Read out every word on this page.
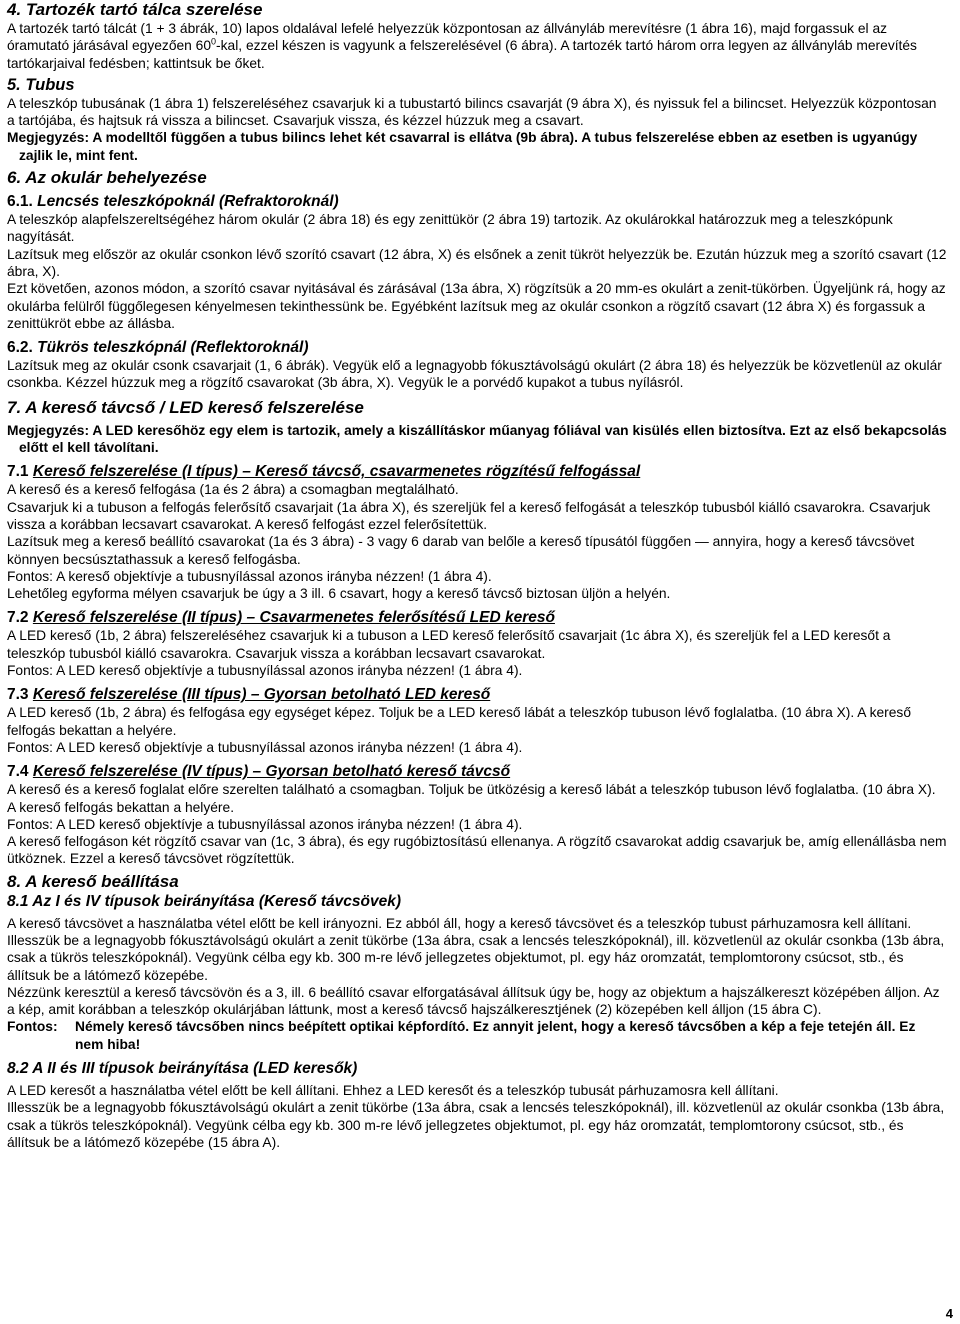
4. Tartozék tartó tálca szerelése

A tartozék tartó tálcát (1 + 3 ábrák, 10) lapos oldalával lefelé helyezzük központosan az állványláb merevítésre (1 ábra 16), majd forgassuk el az óramutató járásával egyezően $60^0$-kal, ezzel készen is vagyunk a felszerelésével (6 ábra). A tartozék tartó három orra legyen az állványláb merevítés tartókarjaival fedésben; kattintsuk be őket.

5. Tubus

A teleszkóp tubusának (1 ábra 1) felszereléséhez csavarjuk ki a tubustartó bilincs csavarját (9 ábra X), és nyissuk fel a bilincset. Helyezzük központosan a tartójába, és hajtsuk rá vissza a bilincset. Csavarjuk vissza, és kézzel húzzuk meg a csavart.

Megjegyzés: A modelltől függően a tubus bilincs lehet két csavarral is ellátva (9b ábra). A tubus felszerelése ebben az esetben is ugyanúgy zajlik le, mint fent.

6. Az okulár behelyezése
6.1. Lencsés teleszkópoknál (Refraktoroknál)

A teleszkóp alapfelszereltségéhez három okulár (2 ábra 18) és egy zenittükör (2 ábra 19) tartozik. Az okulárokkal határozzuk meg a teleszkópunk nagyítását.

Lazítsuk meg először az okulár csonkon lévő szorító csavart (12 ábra, X) és elsőnek a zenit tükröt helyezzük be. Ezután húzzuk meg a szorító csavart (12 ábra, X).

Ezt követően, azonos módon, a szorító csavar nyitásával és zárásával (13a ábra, X) rögzítsük a 20 mm-es okulárt a zenit-tükörben. Ügyeljünk rá, hogy az okulárba felülről függőlegesen kényelmesen tekinthessünk be. Egyébként lazítsuk meg az okulár csonkon a rögzítő csavart (12 ábra X) és forgassuk a zenittükröt ebbe az állásba.

6.2. Tükrös teleszkópnál (Reflektoroknál)

Lazítsuk meg az okulár csonk csavarjait (1, 6 ábrák). Vegyük elő a legnagyobb fókusztávolságú okulárt (2 ábra 18) és helyezzük be közvetlenül az okulár csonkba. Kézzel húzzuk meg a rögzítő csavarokat (3b ábra, X). Vegyük le a porvédő kupakot a tubus nyílásról.

7. A kereső távcső / LED kereső felszerelése

Megjegyzés: A LED keresőhöz egy elem is tartozik, amely a kiszállításkor műanyag fóliával van kisülés ellen biztosítva. Ezt az első bekapcsolás előtt el kell távolítani.

7.1 Kereső felszerelése (I típus) – Kereső távcső, csavarmenetes rögzítésű felfogással

A kereső és a kereső felfogása (1a és 2 ábra) a csomagban megtalálható.

Csavarjuk ki a tubuson a felfogás felerősítő csavarjait (1a ábra X), és szereljük fel a kereső felfogását a teleszkóp tubusból kiálló csavarokra. Csavarjuk vissza a korábban lecsavart csavarokat. A kereső felfogást ezzel felerősítettük.

Lazítsuk meg a kereső beállító csavarokat (1a és 3 ábra) - 3 vagy 6 darab van belőle a kereső típusától függően — annyira, hogy a kereső távcsövet könnyen becsúsztathassuk a kereső felfogásba.

Fontos: A kereső objektívje a tubusnyílással azonos irányba nézzen! (1 ábra 4).

Lehetőleg egyforma mélyen csavarjuk be úgy a 3 ill. 6 csavart, hogy a kereső távcső biztosan üljön a helyén.

7.2 Kereső felszerelése (II típus) – Csavarmenetes felerősítésű LED kereső

A LED kereső (1b, 2 ábra) felszereléséhez csavarjuk ki a tubuson a LED kereső felerősítő csavarjait (1c ábra X), és szereljük fel a LED keresőt a teleszkóp tubusból kiálló csavarokra. Csavarjuk vissza a korábban lecsavart csavarokat.

Fontos: A LED kereső objektívje a tubusnyílással azonos irányba nézzen! (1 ábra 4).

7.3 Kereső felszerelése (III típus) – Gyorsan betolható LED kereső

A LED kereső (1b, 2 ábra) és felfogása egy egységet képez. Toljuk be a LED kereső lábát a teleszkóp tubuson lévő foglalatba. (10 ábra X). A kereső felfogás bekattan a helyére.

Fontos: A LED kereső objektívje a tubusnyílással azonos irányba nézzen! (1 ábra 4).

7.4 Kereső felszerelése (IV típus) – Gyorsan betolható kereső távcső

A kereső és a kereső foglalat előre szerelten található a csomagban. Toljuk be ütközésig a kereső lábát a teleszkóp tubuson lévő foglalatba. (10 ábra X). A kereső felfogás bekattan a helyére.

Fontos: A LED kereső objektívje a tubusnyílással azonos irányba nézzen! (1 ábra 4).

A kereső felfogáson két rögzítő csavar van (1c, 3 ábra), és egy rugóbiztosítású ellenanya. A rögzítő csavarokat addig csavarjuk be, amíg ellenállásba nem ütköznek. Ezzel a kereső távcsövet rögzítettük.

8. A kereső beállítása
8.1 Az I és IV típusok beirányítása (Kereső távcsövek)

A kereső távcsövet a használatba vétel előtt be kell irányozni. Ez abból áll, hogy a kereső távcsövet és a teleszkóp tubust párhuzamosra kell állítani.

Illesszük be a legnagyobb fókusztávolságú okulárt a zenit tükörbe (13a ábra, csak a lencsés teleszkópoknál), ill. közvetlenül az okulár csonkba (13b ábra, csak a tükrös teleszkópoknál). Vegyünk célba egy kb. 300 m-re lévő jellegzetes objektumot, pl. egy ház oromzatát, templomtorony csúcsot, stb., és állítsuk be a látómező közepébe.

Nézzünk keresztül a kereső távcsövön és a 3, ill. 6 beállító csavar elforgatásával állítsuk úgy be, hogy az objektum a hajszálkereszt középében álljon. Az a kép, amit korábban a teleszkóp okulárjában láttunk, most a kereső távcső hajszálkeresztjének (2) közepében kell álljon (15 ábra C).

Fontos:	Némely kereső távcsőben nincs beépített optikai képfordító. Ez annyit jelent, hogy a kereső távcsőben a kép a feje tetején áll. Ez nem hiba!
8.2 A II és III típusok beirányítása (LED keresők)

A LED keresőt a használatba vétel előtt be kell állítani. Ehhez a LED keresőt és a teleszkóp tubusát párhuzamosra kell állítani.

Illesszük be a legnagyobb fókusztávolságú okulárt a zenit tükörbe (13a ábra, csak a lencsés teleszkópoknál), ill. közvetlenül az okulár csonkba (13b ábra, csak a tükrös teleszkópoknál). Vegyünk célba egy kb. 300 m-re lévő jellegzetes objektumot, pl. egy ház oromzatát, templomtorony csúcsot, stb., és állítsuk be a látómező közepébe (15 ábra A).

4
